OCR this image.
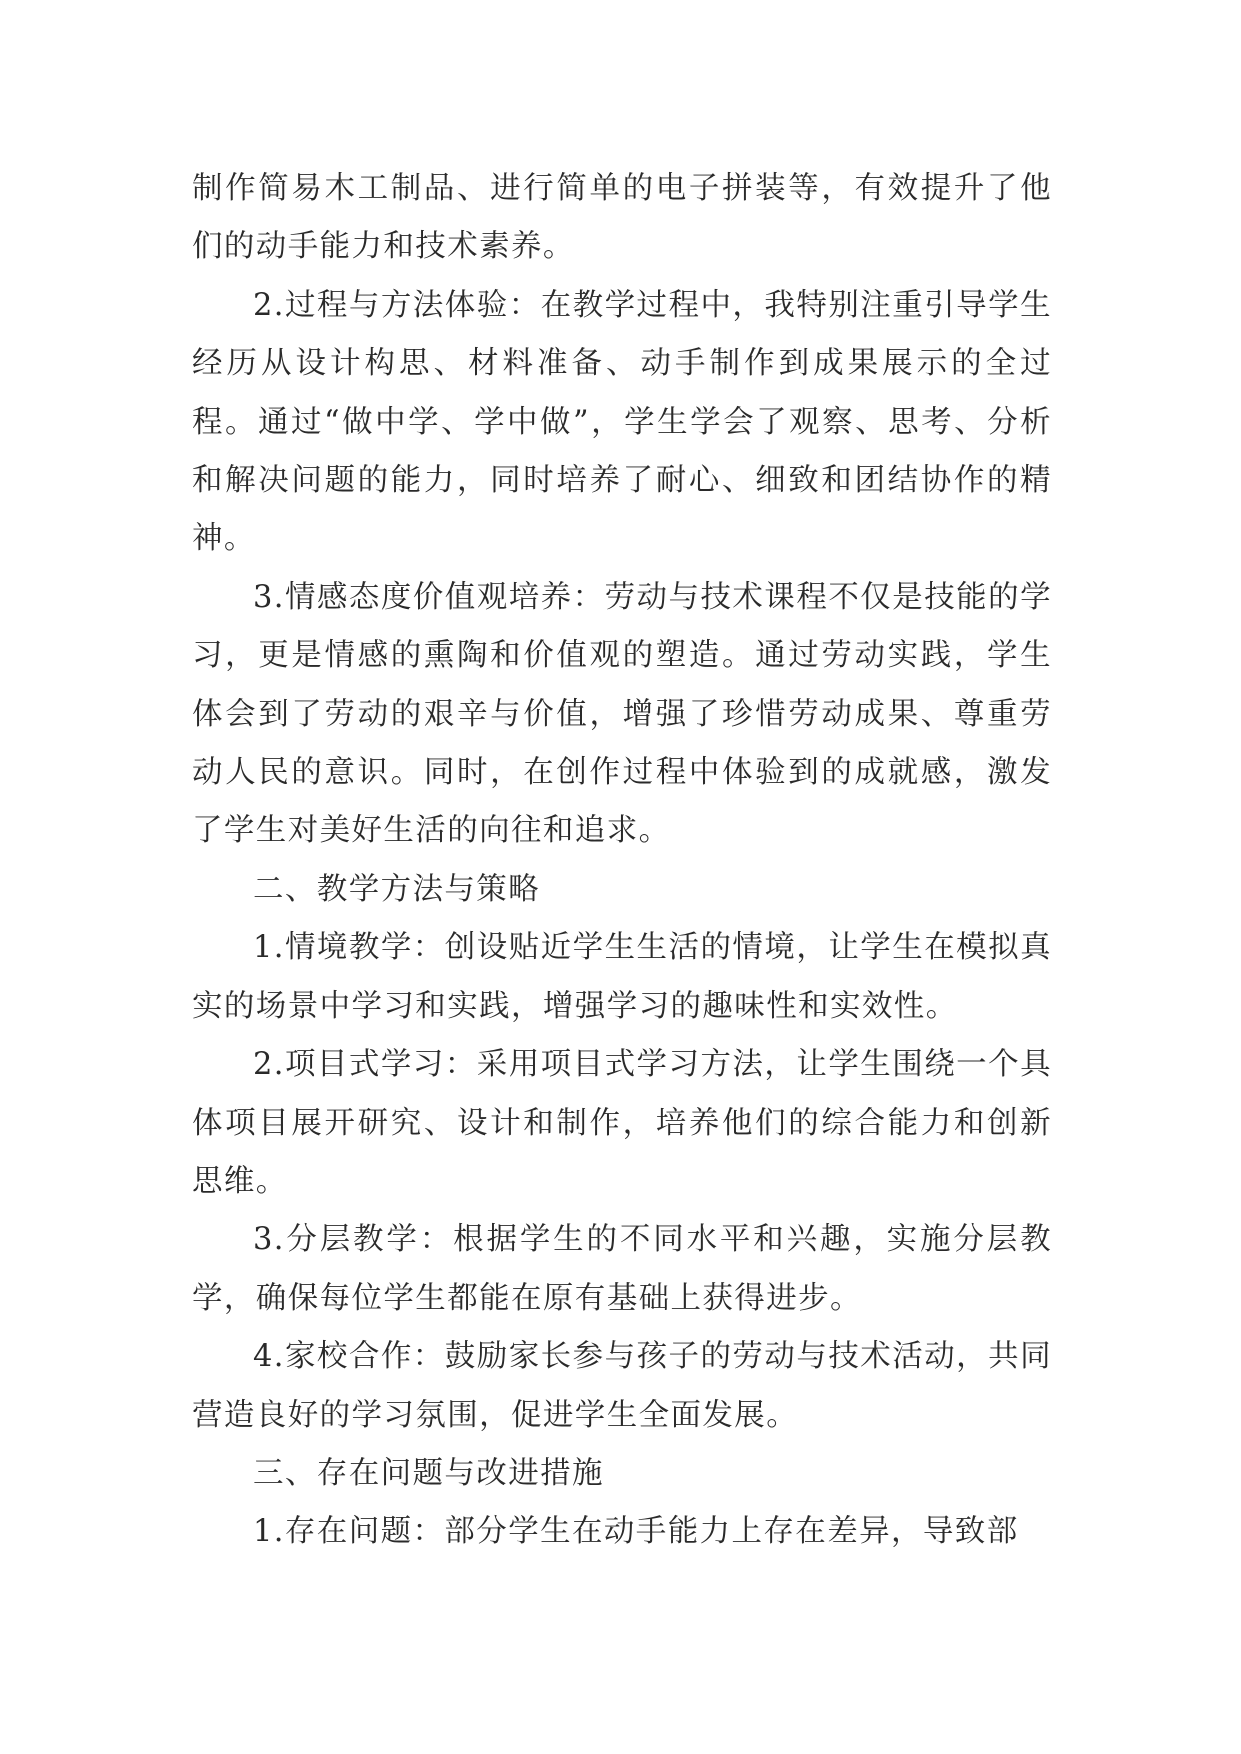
制作简易木工制品、进行简单的电子拼装等，有效提升了他们的动手能力和技术素养。

2.过程与方法体验：在教学过程中，我特别注重引导学生经历从设计构思、材料准备、动手制作到成果展示的全过程。通过“做中学、学中做”，学生学会了观察、思考、分析和解决问题的能力，同时培养了耐心、细致和团结协作的精神。

3.情感态度价值观培养：劳动与技术课程不仅是技能的学习，更是情感的熏陶和价值观的塑造。通过劳动实践，学生体会到了劳动的艰辛与价值，增强了珍惜劳动成果、尊重劳动人民的意识。同时，在创作过程中体验到的成就感，激发了学生对美好生活的向往和追求。

二、教学方法与策略

1.情境教学：创设贴近学生生活的情境，让学生在模拟真实的场景中学习和实践，增强学习的趣味性和实效性。

2.项目式学习：采用项目式学习方法，让学生围绕一个具体项目展开研究、设计和制作，培养他们的综合能力和创新思维。

3.分层教学：根据学生的不同水平和兴趣，实施分层教学，确保每位学生都能在原有基础上获得进步。

4.家校合作：鼓励家长参与孩子的劳动与技术活动，共同营造良好的学习氛围，促进学生全面发展。

三、存在问题与改进措施

1.存在问题：部分学生在动手能力上存在差异，导致部
